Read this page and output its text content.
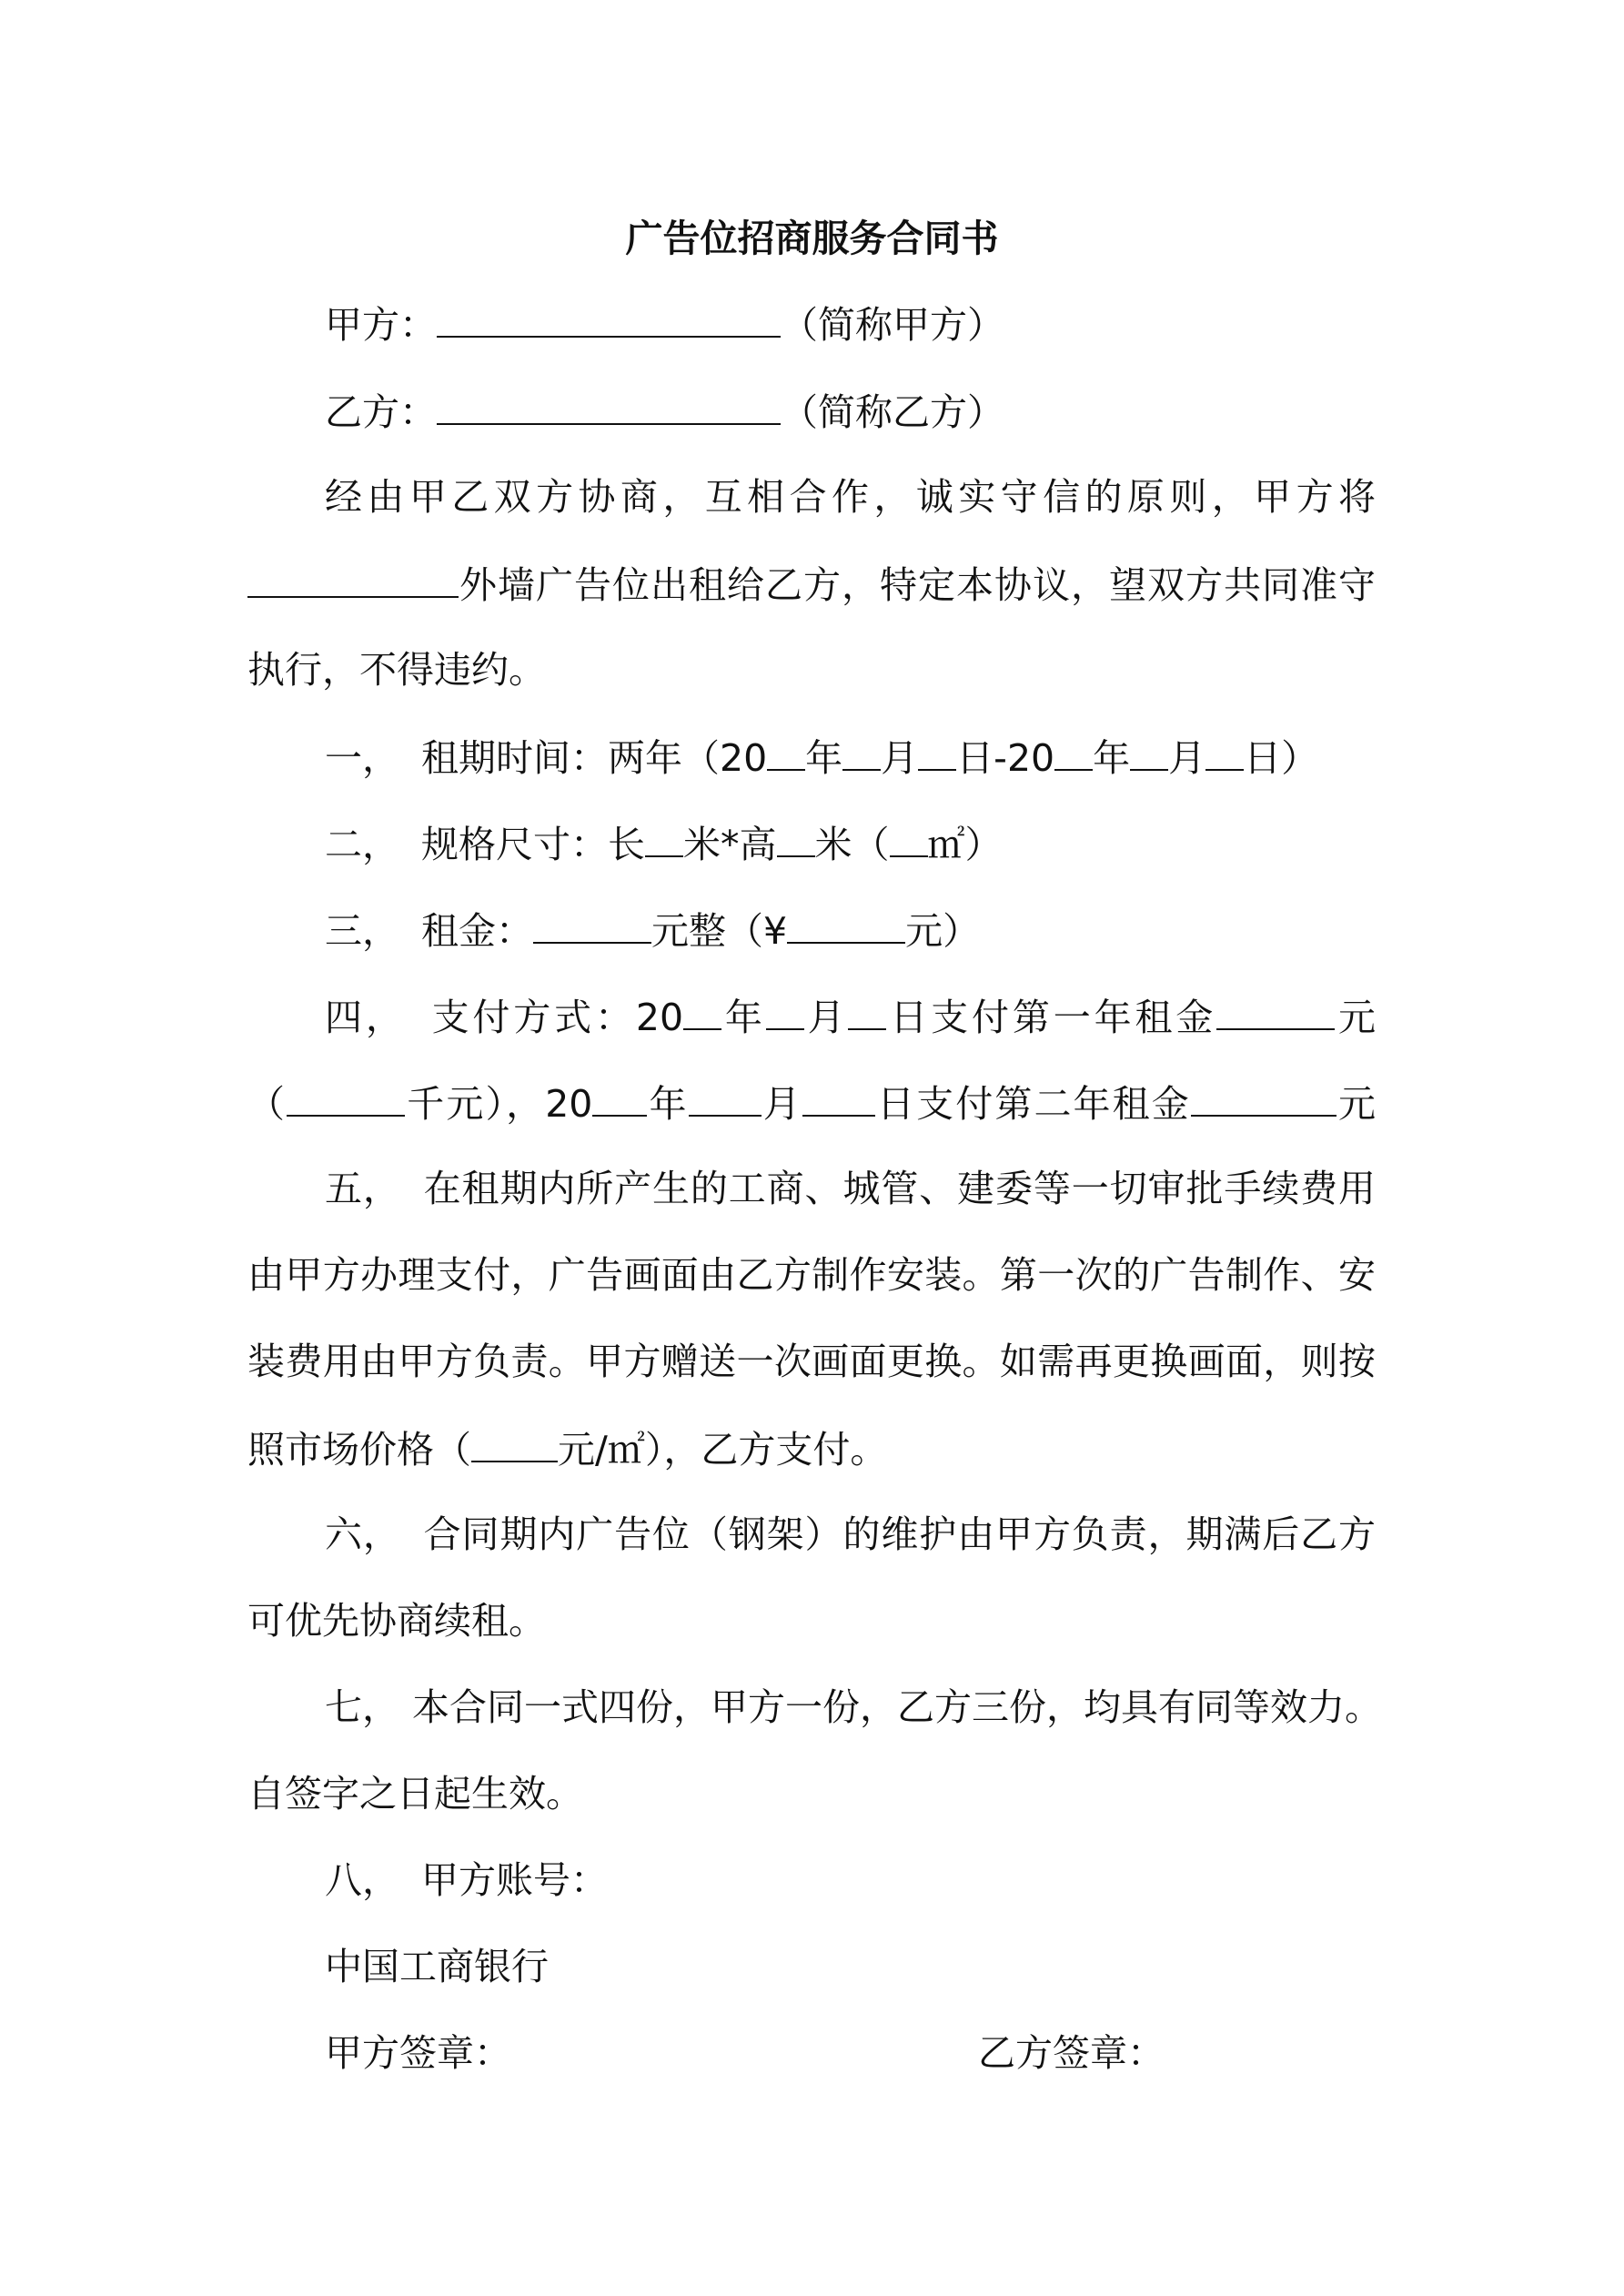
广告位招商服务合同书
甲方：	（简称甲方）
乙方：	（简称乙方）
经由甲乙双方协商，互相合作，诚实守信的原则，甲方将
外墙广告位出租给乙方，特定本协议，望双方共同准守
执行，不得违约。
一， 租期时间：两年（20 年 月 日-20 年 月 日）
二， 规格尺寸：长 米*高 米（ ㎡）
三， 租金：	元整（¥	元）
四， 支付方式：20 年 月 日支付第一年租金	元
（	千元），20 年 月 日支付第二年租金	元
五， 在租期内所产生的工商、城管、建委等一切审批手续费用
由甲方办理支付，广告画面由乙方制作安装。第一次的广告制作、安
装费用由甲方负责。甲方赠送一次画面更换。如需再更换画面，则按
照市场价格（ 元/㎡），乙方支付。
六， 合同期内广告位（钢架）的维护由甲方负责，期满后乙方
可优先协商续租。
七， 本合同一式四份，甲方一份，乙方三份，均具有同等效力。
自签字之日起生效。
八， 甲方账号：
中国工商银行
甲方签章：	乙方签章：
